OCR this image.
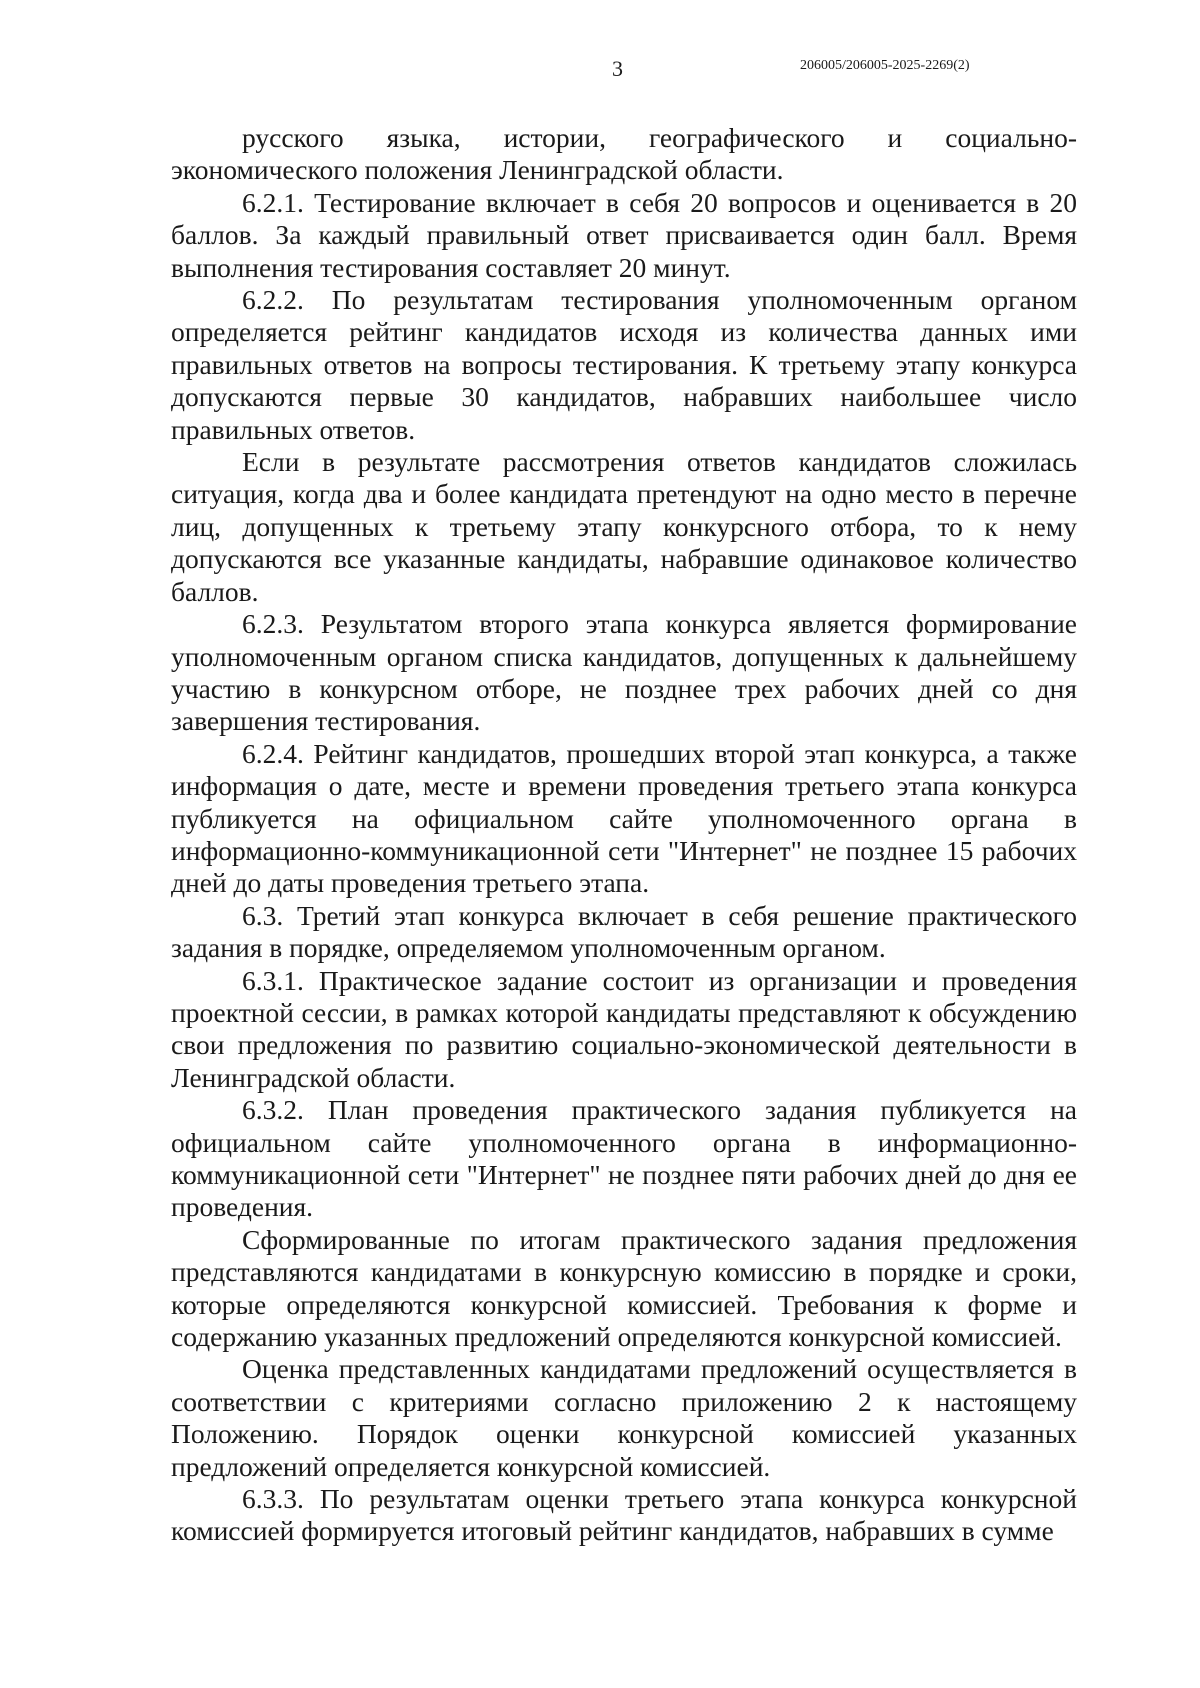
3	206005/206005-2025-2269(2)

русского языка, истории, географического и социально-экономического положения Ленинградской области.

6.2.1. Тестирование включает в себя 20 вопросов и оценивается в 20 баллов. За каждый правильный ответ присваивается один балл. Время выполнения тестирования составляет 20 минут.

6.2.2. По результатам тестирования уполномоченным органом определяется рейтинг кандидатов исходя из количества данных ими правильных ответов на вопросы тестирования. К третьему этапу конкурса допускаются первые 30 кандидатов, набравших наибольшее число правильных ответов.

Если в результате рассмотрения ответов кандидатов сложилась ситуация, когда два и более кандидата претендуют на одно место в перечне лиц, допущенных к третьему этапу конкурсного отбора, то к нему допускаются все указанные кандидаты, набравшие одинаковое количество баллов.

6.2.3. Результатом второго этапа конкурса является формирование уполномоченным органом списка кандидатов, допущенных к дальнейшему участию в конкурсном отборе, не позднее трех рабочих дней со дня завершения тестирования.

6.2.4. Рейтинг кандидатов, прошедших второй этап конкурса, а также информация о дате, месте и времени проведения третьего этапа конкурса публикуется на официальном сайте уполномоченного органа в информационно-коммуникационной сети "Интернет" не позднее 15 рабочих дней до даты проведения третьего этапа.

6.3. Третий этап конкурса включает в себя решение практического задания в порядке, определяемом уполномоченным органом.

6.3.1. Практическое задание состоит из организации и проведения проектной сессии, в рамках которой кандидаты представляют к обсуждению свои предложения по развитию социально-экономической деятельности в Ленинградской области.

6.3.2. План проведения практического задания публикуется на официальном сайте уполномоченного органа в информационно-коммуникационной сети "Интернет" не позднее пяти рабочих дней до дня ее проведения.

Сформированные по итогам практического задания предложения представляются кандидатами в конкурсную комиссию в порядке и сроки, которые определяются конкурсной комиссией. Требования к форме и содержанию указанных предложений определяются конкурсной комиссией.

Оценка представленных кандидатами предложений осуществляется в соответствии с критериями согласно приложению 2 к настоящему Положению. Порядок оценки конкурсной комиссией указанных предложений определяется конкурсной комиссией.

6.3.3. По результатам оценки третьего этапа конкурса конкурсной комиссией формируется итоговый рейтинг кандидатов, набравших в сумме
